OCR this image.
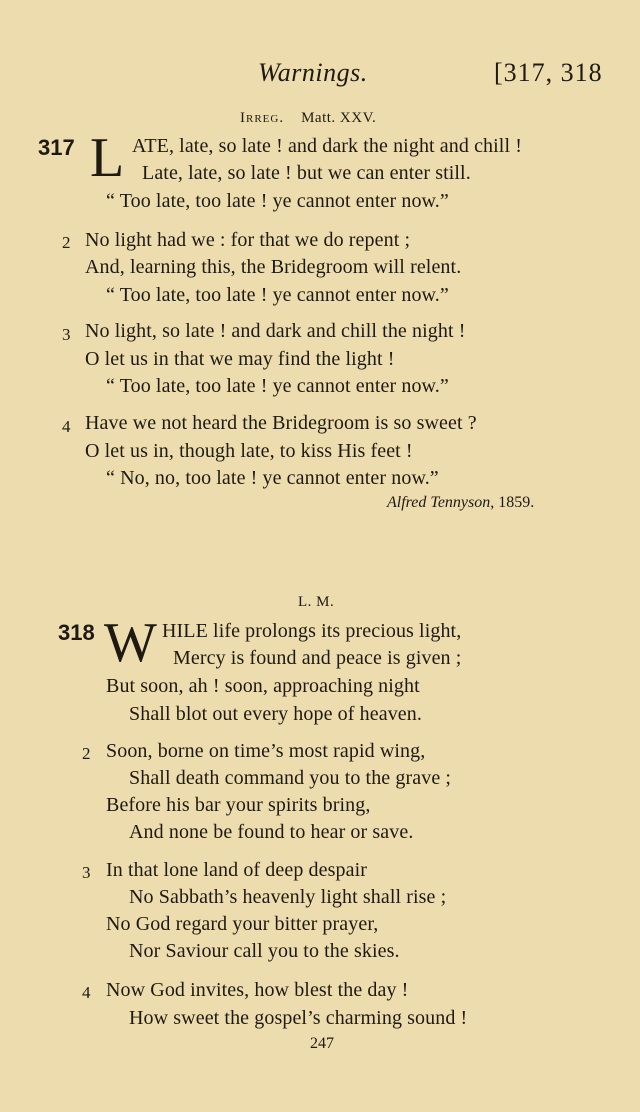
Warnings.	[317, 318
Irreg. Matt. XXV.
317 L ATE, late, so late ! and dark the night and chill !
Late, late, so late ! but we can enter still.
“ Too late, too late ! ye cannot enter now.”
2 No light had we : for that we do repent ;
And, learning this, the Bridegroom will relent.
“ Too late, too late ! ye cannot enter now.”
3 No light, so late ! and dark and chill the night !
O let us in that we may find the light !
“ Too late, too late ! ye cannot enter now.”
4 Have we not heard the Bridegroom is so sweet ?
O let us in, though late, to kiss His feet !
“ No, no, too late ! ye cannot enter now.”
Alfred Tennyson, 1859.
L. M.
318 W HILE life prolongs its precious light,
Mercy is found and peace is given ;
But soon, ah ! soon, approaching night
Shall blot out every hope of heaven.
2 Soon, borne on time’s most rapid wing,
Shall death command you to the grave ;
Before his bar your spirits bring,
And none be found to hear or save.
3 In that lone land of deep despair
No Sabbath’s heavenly light shall rise ;
No God regard your bitter prayer,
Nor Saviour call you to the skies.
4 Now God invites, how blest the day !
How sweet the gospel’s charming sound !
247
